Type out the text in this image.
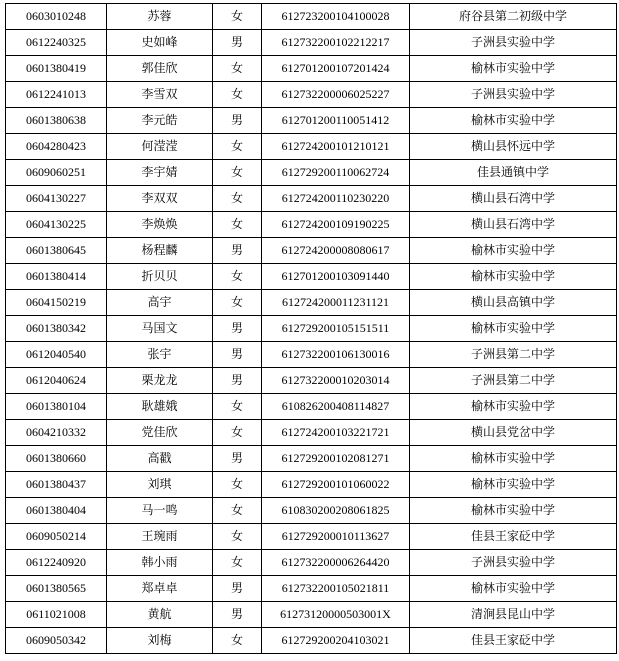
0603010248	苏蓉	女	612723200104100028	府谷县第二初级中学
0612240325	史如峰	男	612732200102212217	子洲县实验中学
0601380419	郭佳欣	女	612701200107201424	榆林市实验中学
0612241013	李雪双	女	612732200006025227	子洲县实验中学
0601380638	李元皓	男	612701200110051412	榆林市实验中学
0604280423	何滢滢	女	612724200101210121	横山县怀远中学
0609060251	李宇婧	女	612729200110062724	佳县通镇中学
0604130227	李双双	女	612724200110230220	横山县石湾中学
0604130225	李焕焕	女	612724200109190225	横山县石湾中学
0601380645	杨程麟	男	612724200008080617	榆林市实验中学
0601380414	折贝贝	女	612701200103091440	榆林市实验中学
0604150219	高宇	女	612724200011231121	横山县高镇中学
0601380342	马国文	男	612729200105151511	榆林市实验中学
0612040540	张宇	男	612732200106130016	子洲县第二中学
0612040624	栗龙龙	男	612732200010203014	子洲县第二中学
0601380104	耿雄娥	女	610826200408114827	榆林市实验中学
0604210332	党佳欣	女	612724200103221721	横山县党岔中学
0601380660	高戳	男	612729200102081271	榆林市实验中学
0601380437	刘琪	女	612729200101060022	榆林市实验中学
0601380404	马一鸣	女	610830200208061825	榆林市实验中学
0609050214	王琬雨	女	612729200010113627	佳县王家砭中学
0612240920	韩小雨	女	612732200006264420	子洲县实验中学
0601380565	郑卓卓	男	612732200105021811	榆林市实验中学
0611021008	黄航	男	61273120000503001X	清涧县昆山中学
0609050342	刘梅	女	612729200204103021	佳县王家砭中学
